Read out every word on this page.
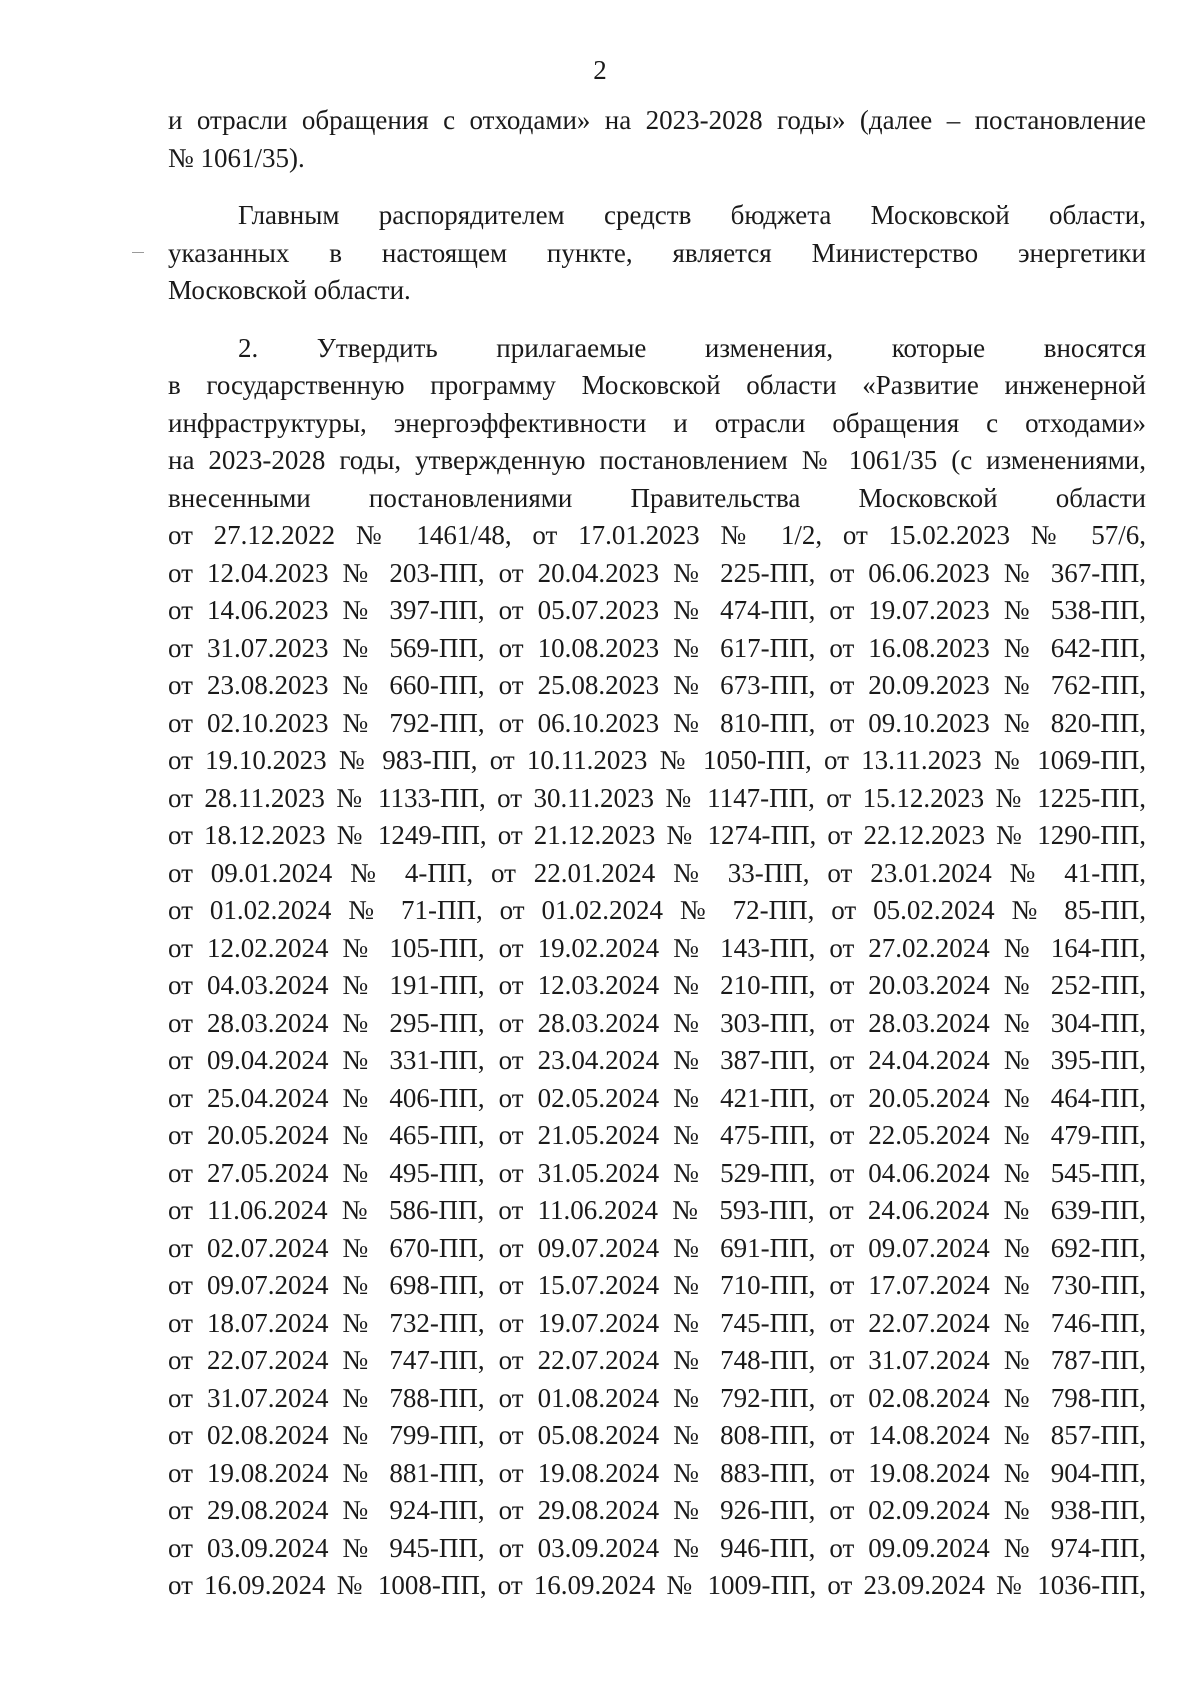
2
и отрасли обращения с отходами» на 2023-2028 годы» (далее – постановление
№ 1061/35).
Главным распорядителем средств бюджета Московской области,
указанных в настоящем пункте, является Министерство энергетики
Московской области.
2. Утвердить прилагаемые изменения, которые вносятся
в государственную программу Московской области «Развитие инженерной
инфраструктуры, энергоэффективности и отрасли обращения с отходами»
на 2023-2028 годы, утвержденную постановлением № 1061/35 (с изменениями,
внесенными постановлениями Правительства Московской области
от 27.12.2022 № 1461/48, от 17.01.2023 № 1/2, от 15.02.2023 № 57/6,
от 12.04.2023 № 203-ПП, от 20.04.2023 № 225-ПП, от 06.06.2023 № 367-ПП,
от 14.06.2023 № 397-ПП, от 05.07.2023 № 474-ПП, от 19.07.2023 № 538-ПП,
от 31.07.2023 № 569-ПП, от 10.08.2023 № 617-ПП, от 16.08.2023 № 642-ПП,
от 23.08.2023 № 660-ПП, от 25.08.2023 № 673-ПП, от 20.09.2023 № 762-ПП,
от 02.10.2023 № 792-ПП, от 06.10.2023 № 810-ПП, от 09.10.2023 № 820-ПП,
от 19.10.2023 № 983-ПП, от 10.11.2023 № 1050-ПП, от 13.11.2023 № 1069-ПП,
от 28.11.2023 № 1133-ПП, от 30.11.2023 № 1147-ПП, от 15.12.2023 № 1225-ПП,
от 18.12.2023 № 1249-ПП, от 21.12.2023 № 1274-ПП, от 22.12.2023 № 1290-ПП,
от 09.01.2024 № 4-ПП, от 22.01.2024 № 33-ПП, от 23.01.2024 № 41-ПП,
от 01.02.2024 № 71-ПП, от 01.02.2024 № 72-ПП, от 05.02.2024 № 85-ПП,
от 12.02.2024 № 105-ПП, от 19.02.2024 № 143-ПП, от 27.02.2024 № 164-ПП,
от 04.03.2024 № 191-ПП, от 12.03.2024 № 210-ПП, от 20.03.2024 № 252-ПП,
от 28.03.2024 № 295-ПП, от 28.03.2024 № 303-ПП, от 28.03.2024 № 304-ПП,
от 09.04.2024 № 331-ПП, от 23.04.2024 № 387-ПП, от 24.04.2024 № 395-ПП,
от 25.04.2024 № 406-ПП, от 02.05.2024 № 421-ПП, от 20.05.2024 № 464-ПП,
от 20.05.2024 № 465-ПП, от 21.05.2024 № 475-ПП, от 22.05.2024 № 479-ПП,
от 27.05.2024 № 495-ПП, от 31.05.2024 № 529-ПП, от 04.06.2024 № 545-ПП,
от 11.06.2024 № 586-ПП, от 11.06.2024 № 593-ПП, от 24.06.2024 № 639-ПП,
от 02.07.2024 № 670-ПП, от 09.07.2024 № 691-ПП, от 09.07.2024 № 692-ПП,
от 09.07.2024 № 698-ПП, от 15.07.2024 № 710-ПП, от 17.07.2024 № 730-ПП,
от 18.07.2024 № 732-ПП, от 19.07.2024 № 745-ПП, от 22.07.2024 № 746-ПП,
от 22.07.2024 № 747-ПП, от 22.07.2024 № 748-ПП, от 31.07.2024 № 787-ПП,
от 31.07.2024 № 788-ПП, от 01.08.2024 № 792-ПП, от 02.08.2024 № 798-ПП,
от 02.08.2024 № 799-ПП, от 05.08.2024 № 808-ПП, от 14.08.2024 № 857-ПП,
от 19.08.2024 № 881-ПП, от 19.08.2024 № 883-ПП, от 19.08.2024 № 904-ПП,
от 29.08.2024 № 924-ПП, от 29.08.2024 № 926-ПП, от 02.09.2024 № 938-ПП,
от 03.09.2024 № 945-ПП, от 03.09.2024 № 946-ПП, от 09.09.2024 № 974-ПП,
от 16.09.2024 № 1008-ПП, от 16.09.2024 № 1009-ПП, от 23.09.2024 № 1036-ПП,
